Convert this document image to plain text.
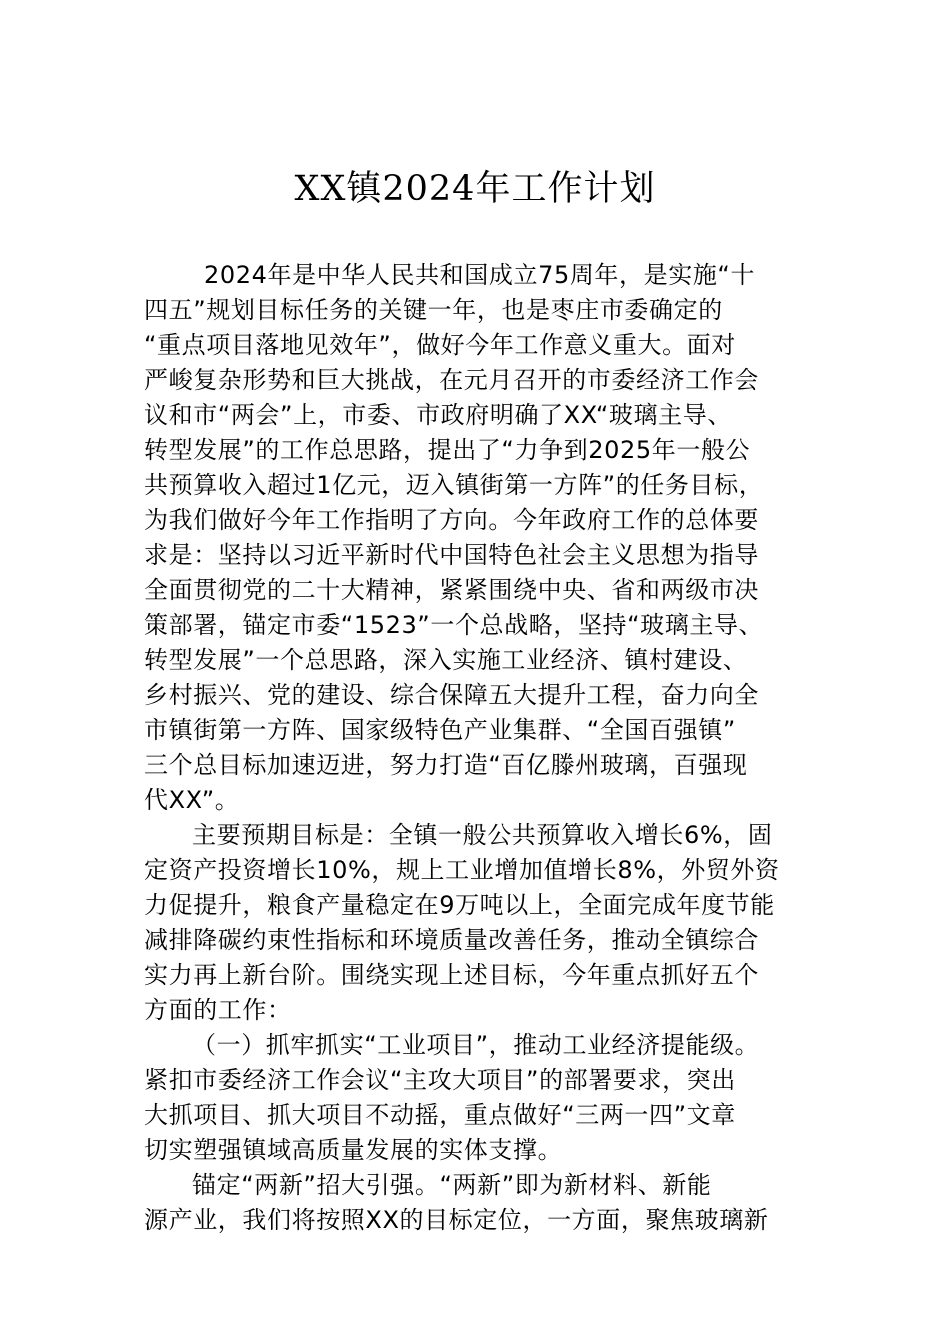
XX镇2024年工作计划
2024年是中华人民共和国成立75周年，是实施“十
四五”规划目标任务的关键一年，也是枣庄市委确定的
“重点项目落地见效年”，做好今年工作意义重大。面对
严峻复杂形势和巨大挑战，在元月召开的市委经济工作会
议和市“两会”上，市委、市政府明确了XX“玻璃主导、
转型发展”的工作总思路，提出了“力争到2025年一般公
共预算收入超过1亿元，迈入镇街第一方阵”的任务目标，
为我们做好今年工作指明了方向。今年政府工作的总体要
求是：坚持以习近平新时代中国特色社会主义思想为指导
全面贯彻党的二十大精神，紧紧围绕中央、省和两级市决
策部署，锚定市委“1523”一个总战略，坚持“玻璃主导、
转型发展”一个总思路，深入实施工业经济、镇村建设、
乡村振兴、党的建设、综合保障五大提升工程，奋力向全
市镇街第一方阵、国家级特色产业集群、“全国百强镇”
三个总目标加速迈进，努力打造“百亿滕州玻璃，百强现
代XX”。
主要预期目标是：全镇一般公共预算收入增长6%，固
定资产投资增长10%，规上工业增加值增长8%，外贸外资
力促提升，粮食产量稳定在9万吨以上，全面完成年度节能
减排降碳约束性指标和环境质量改善任务，推动全镇综合
实力再上新台阶。围绕实现上述目标，今年重点抓好五个
方面的工作：
（一）抓牢抓实“工业项目”，推动工业经济提能级。
紧扣市委经济工作会议“主攻大项目”的部署要求，突出
大抓项目、抓大项目不动摇，重点做好“三两一四”文章
切实塑强镇域高质量发展的实体支撑。
锚定“两新”招大引强。“两新”即为新材料、新能
源产业，我们将按照XX的目标定位，一方面，聚焦玻璃新
